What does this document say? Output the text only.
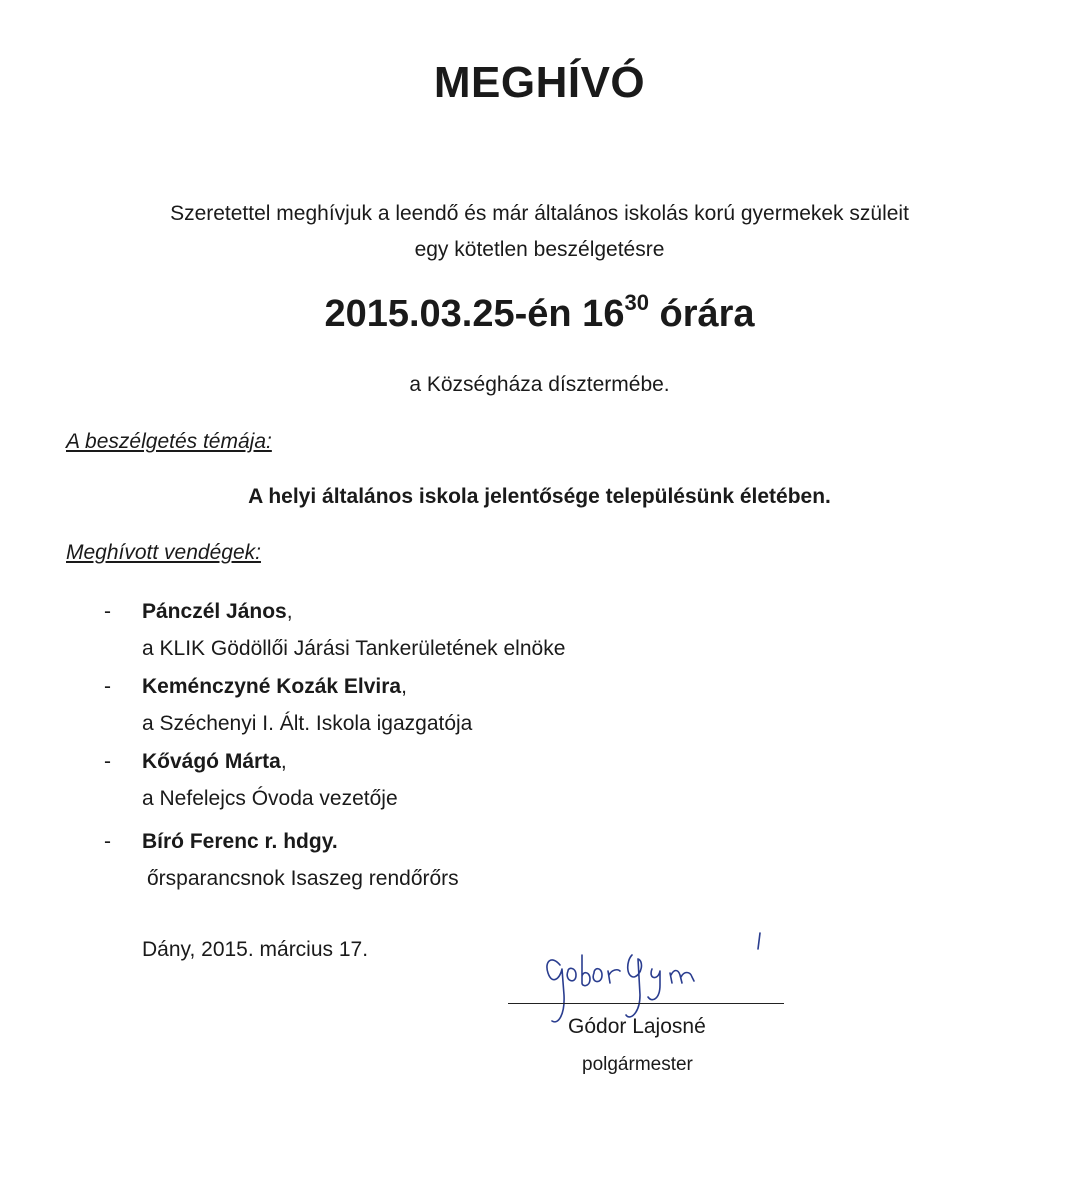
MEGHÍVÓ
Szeretettel meghívjuk a leendő és már általános iskolás korú gyermekek szüleit
egy kötetlen beszélgetésre
2015.03.25-én $16^{30}$ órára
a Községháza dísztermébe.
A beszélgetés témája:
A helyi általános iskola jelentősége településünk életében.
Meghívott vendégek:
- Pánczél János,
a KLIK Gödöllői Járási Tankerületének elnöke
- Keménczyné Kozák Elvira,
a Széchenyi I. Ált. Iskola igazgatója
- Kővágó Márta,
a Nefelejcs Óvoda vezetője
- Bíró Ferenc r. hdgy.
őrsparancsnok Isaszeg rendőrőrs
Dány, 2015. március 17.
Gódor Lajosné
polgármester
